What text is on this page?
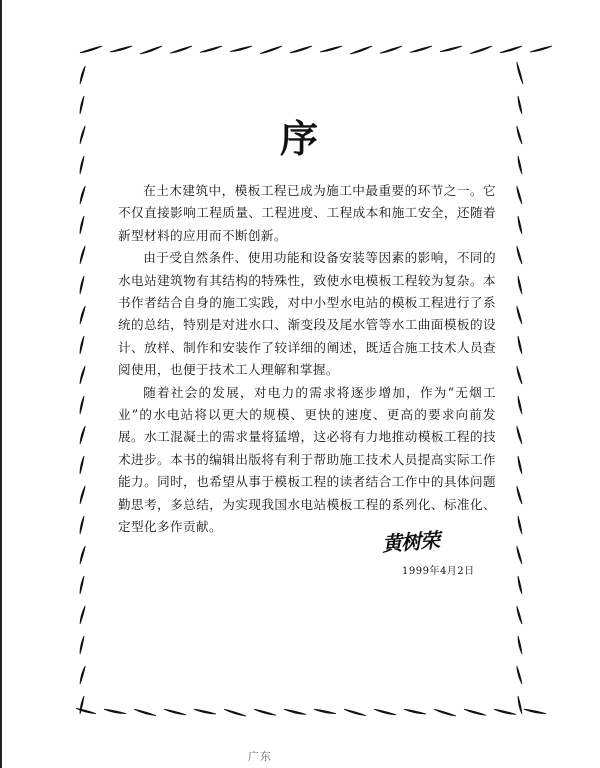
序

在土木建筑中，模板工程已成为施工中最重要的环节之一。它不仅直接影响工程质量、工程进度、工程成本和施工安全，还随着新型材料的应用而不断创新。

由于受自然条件、使用功能和设备安装等因素的影响，不同的水电站建筑物有其结构的特殊性，致使水电模板工程较为复杂。本书作者结合自身的施工实践，对中小型水电站的模板工程进行了系统的总结，特别是对进水口、渐变段及尾水管等水工曲面模板的设计、放样、制作和安装作了较详细的阐述，既适合施工技术人员查阅使用，也便于技术工人理解和掌握。

随着社会的发展，对电力的需求将逐步增加，作为“无烟工业”的水电站将以更大的规模、更快的速度、更高的要求向前发展。水工混凝土的需求量将猛增，这必将有力地推动模板工程的技术进步。本书的编辑出版将有利于帮助施工技术人员提高实际工作能力。同时，也希望从事于模板工程的读者结合工作中的具体问题勤思考，多总结，为实现我国水电站模板工程的系列化、标准化、定型化多作贡献。

黄树荣
1999年4月2日
广东
